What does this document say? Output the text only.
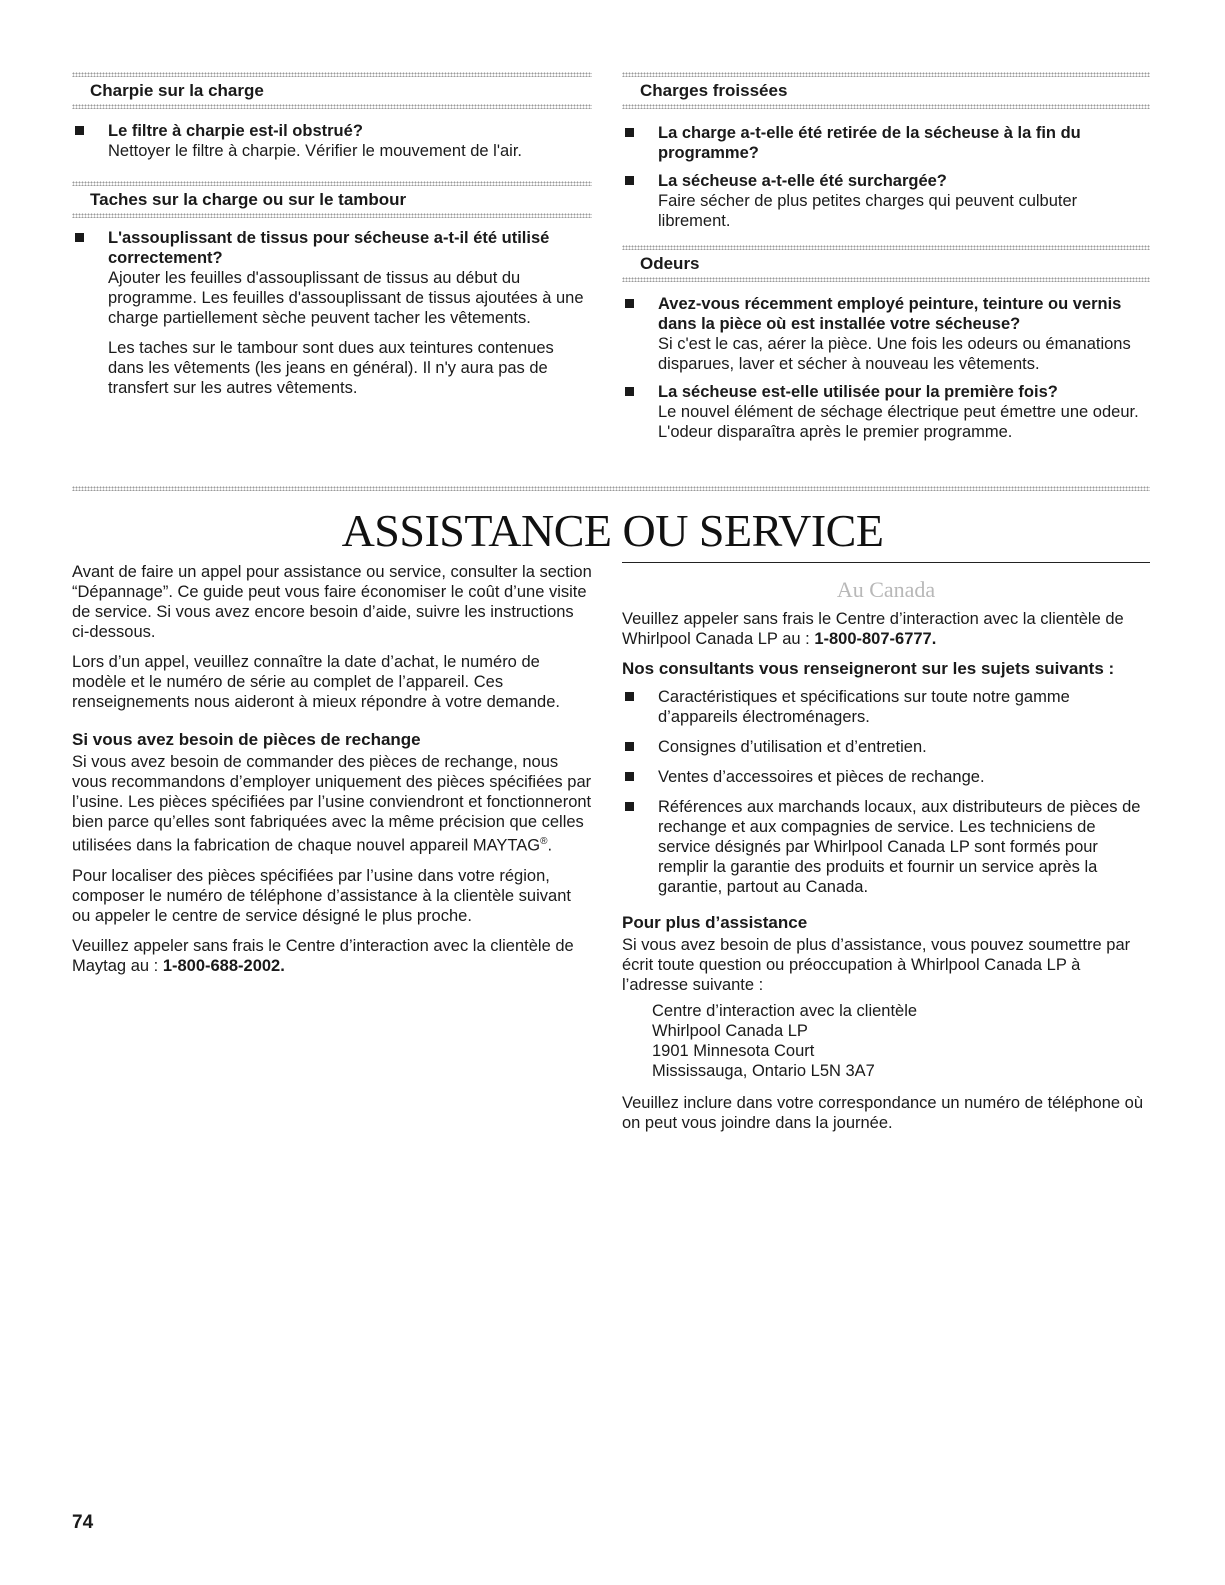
Charpie sur la charge
Le filtre à charpie est-il obstrué?
Nettoyer le filtre à charpie. Vérifier le mouvement de l'air.
Taches sur la charge ou sur le tambour
L'assouplissant de tissus pour sécheuse a-t-il été utilisé correctement?
Ajouter les feuilles d'assouplissant de tissus au début du programme. Les feuilles d'assouplissant de tissus ajoutées à une charge partiellement sèche peuvent tacher les vêtements.
Les taches sur le tambour sont dues aux teintures contenues dans les vêtements (les jeans en général). Il n'y aura pas de transfert sur les autres vêtements.
Charges froissées
La charge a-t-elle été retirée de la sécheuse à la fin du programme?
La sécheuse a-t-elle été surchargée?
Faire sécher de plus petites charges qui peuvent culbuter librement.
Odeurs
Avez-vous récemment employé peinture, teinture ou vernis dans la pièce où est installée votre sécheuse?
Si c'est le cas, aérer la pièce. Une fois les odeurs ou émanations disparues, laver et sécher à nouveau les vêtements.
La sécheuse est-elle utilisée pour la première fois?
Le nouvel élément de séchage électrique peut émettre une odeur. L'odeur disparaîtra après le premier programme.
ASSISTANCE OU SERVICE

Avant de faire un appel pour assistance ou service, consulter la section “Dépannage”. Ce guide peut vous faire économiser le coût d’une visite de service. Si vous avez encore besoin d’aide, suivre les instructions ci-dessous.

Lors d’un appel, veuillez connaître la date d’achat, le numéro de modèle et le numéro de série au complet de l’appareil. Ces renseignements nous aideront à mieux répondre à votre demande.

Si vous avez besoin de pièces de rechange

Si vous avez besoin de commander des pièces de rechange, nous vous recommandons d’employer uniquement des pièces spécifiées par l’usine. Les pièces spécifiées par l’usine conviendront et fonctionneront bien parce qu’elles sont fabriquées avec la même précision que celles utilisées dans la fabrication de chaque nouvel appareil MAYTAG®.

Pour localiser des pièces spécifiées par l’usine dans votre région, composer le numéro de téléphone d’assistance à la clientèle suivant ou appeler le centre de service désigné le plus proche.

Veuillez appeler sans frais le Centre d’interaction avec la clientèle de Maytag au : 1-800-688-2002.

Au Canada

Veuillez appeler sans frais le Centre d’interaction avec la clientèle de Whirlpool Canada LP au : 1-800-807-6777.

Nos consultants vous renseigneront sur les sujets suivants :
Caractéristiques et spécifications sur toute notre gamme d’appareils électroménagers.
Consignes d’utilisation et d’entretien.
Ventes d’accessoires et pièces de rechange.
Références aux marchands locaux, aux distributeurs de pièces de rechange et aux compagnies de service. Les techniciens de service désignés par Whirlpool Canada LP sont formés pour remplir la garantie des produits et fournir un service après la garantie, partout au Canada.
Pour plus d’assistance

Si vous avez besoin de plus d’assistance, vous pouvez soumettre par écrit toute question ou préoccupation à Whirlpool Canada LP à l’adresse suivante :

Centre d’interaction avec la clientèle
Whirlpool Canada LP
1901 Minnesota Court
Mississauga, Ontario L5N 3A7

Veuillez inclure dans votre correspondance un numéro de téléphone où on peut vous joindre dans la journée.

74
